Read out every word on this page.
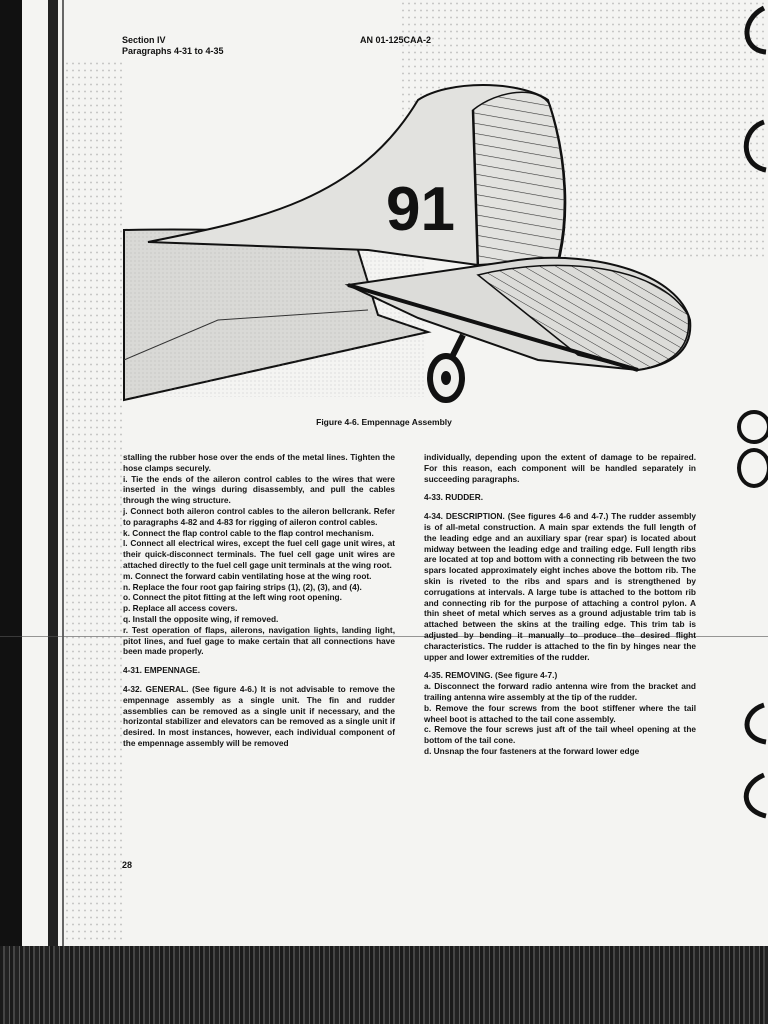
Section IV
Paragraphs 4-31 to 4-35
AN 01-125CAA-2
91
Figure 4-6. Empennage Assembly

stalling the rubber hose over the ends of the metal lines. Tighten the hose clamps securely.

i. Tie the ends of the aileron control cables to the wires that were inserted in the wings during disassembly, and pull the cables through the wing structure.

j. Connect both aileron control cables to the aileron bellcrank. Refer to paragraphs 4-82 and 4-83 for rigging of aileron control cables.

k. Connect the flap control cable to the flap control mechanism.

l. Connect all electrical wires, except the fuel cell gage unit wires, at their quick-disconnect terminals. The fuel cell gage unit wires are attached directly to the fuel cell gage unit terminals at the wing root.

m. Connect the forward cabin ventilating hose at the wing root.

n. Replace the four root gap fairing strips (1), (2), (3), and (4).

o. Connect the pitot fitting at the left wing root opening.

p. Replace all access covers.

q. Install the opposite wing, if removed.

r. Test operation of flaps, ailerons, navigation lights, landing light, pitot lines, and fuel gage to make certain that all connections have been made properly.

4-31. EMPENNAGE.

4-32. GENERAL. (See figure 4-6.) It is not advisable to remove the empennage assembly as a single unit. The fin and rudder assemblies can be removed as a single unit if necessary, and the horizontal stabilizer and elevators can be removed as a single unit if desired. In most instances, however, each individual component of the empennage assembly will be removed

individually, depending upon the extent of damage to be repaired. For this reason, each component will be handled separately in succeeding paragraphs.

4-33. RUDDER.

4-34. DESCRIPTION. (See figures 4-6 and 4-7.) The rudder assembly is of all-metal construction. A main spar extends the full length of the leading edge and an auxiliary spar (rear spar) is located about midway between the leading edge and trailing edge. Full length ribs are located at top and bottom with a connecting rib between the two spars located approximately eight inches above the bottom rib. The skin is riveted to the ribs and spars and is strengthened by corrugations at intervals. A large tube is attached to the bottom rib and connecting rib for the purpose of attaching a control pylon. A thin sheet of metal which serves as a ground adjustable trim tab is attached between the skins at the trailing edge. This trim tab is adjusted by bending it manually to produce the desired flight characteristics. The rudder is attached to the fin by hinges near the upper and lower extremities of the rudder.

4-35. REMOVING. (See figure 4-7.)

a. Disconnect the forward radio antenna wire from the bracket and trailing antenna wire assembly at the tip of the rudder.

b. Remove the four screws from the boot stiffener where the tail wheel boot is attached to the tail cone assembly.

c. Remove the four screws just aft of the tail wheel opening at the bottom of the tail cone.

d. Unsnap the four fasteners at the forward lower edge

28
